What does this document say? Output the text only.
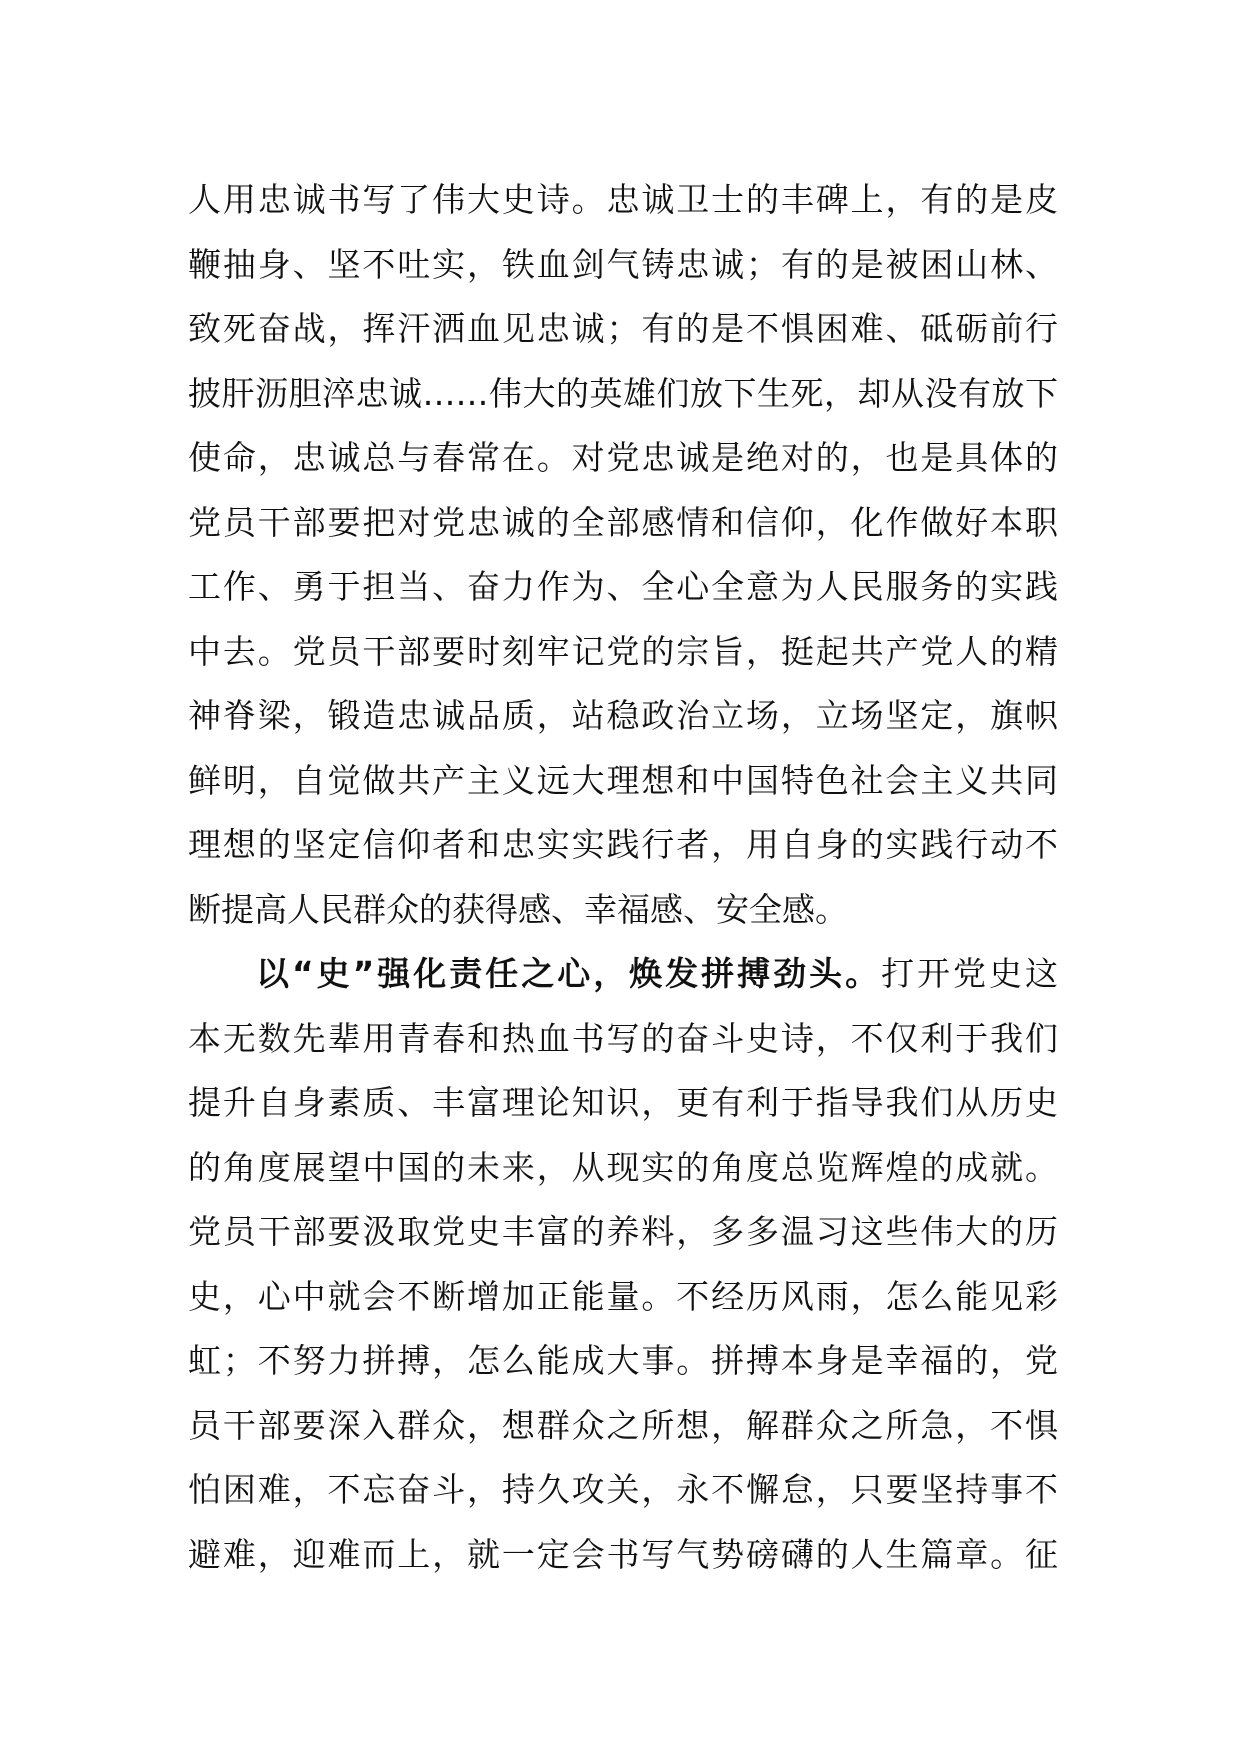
人用忠诚书写了伟大史诗。忠诚卫士的丰碑上，有的是皮
鞭抽身、坚不吐实，铁血剑气铸忠诚；有的是被困山林、
致死奋战，挥汗洒血见忠诚；有的是不惧困难、砥砺前行
披肝沥胆淬忠诚……伟大的英雄们放下生死，却从没有放下
使命，忠诚总与春常在。对党忠诚是绝对的，也是具体的
党员干部要把对党忠诚的全部感情和信仰，化作做好本职
工作、勇于担当、奋力作为、全心全意为人民服务的实践
中去。党员干部要时刻牢记党的宗旨，挺起共产党人的精
神脊梁，锻造忠诚品质，站稳政治立场，立场坚定，旗帜
鲜明，自觉做共产主义远大理想和中国特色社会主义共同
理想的坚定信仰者和忠实实践行者，用自身的实践行动不
断提高人民群众的获得感、幸福感、安全感。
以“史”强化责任之心，焕发拼搏劲头。打开党史这
本无数先辈用青春和热血书写的奋斗史诗，不仅利于我们
提升自身素质、丰富理论知识，更有利于指导我们从历史
的角度展望中国的未来，从现实的角度总览辉煌的成就。
党员干部要汲取党史丰富的养料，多多温习这些伟大的历
史，心中就会不断增加正能量。不经历风雨，怎么能见彩
虹；不努力拼搏，怎么能成大事。拼搏本身是幸福的，党
员干部要深入群众，想群众之所想，解群众之所急，不惧
怕困难，不忘奋斗，持久攻关，永不懈怠，只要坚持事不
避难，迎难而上，就一定会书写气势磅礴的人生篇章。征
